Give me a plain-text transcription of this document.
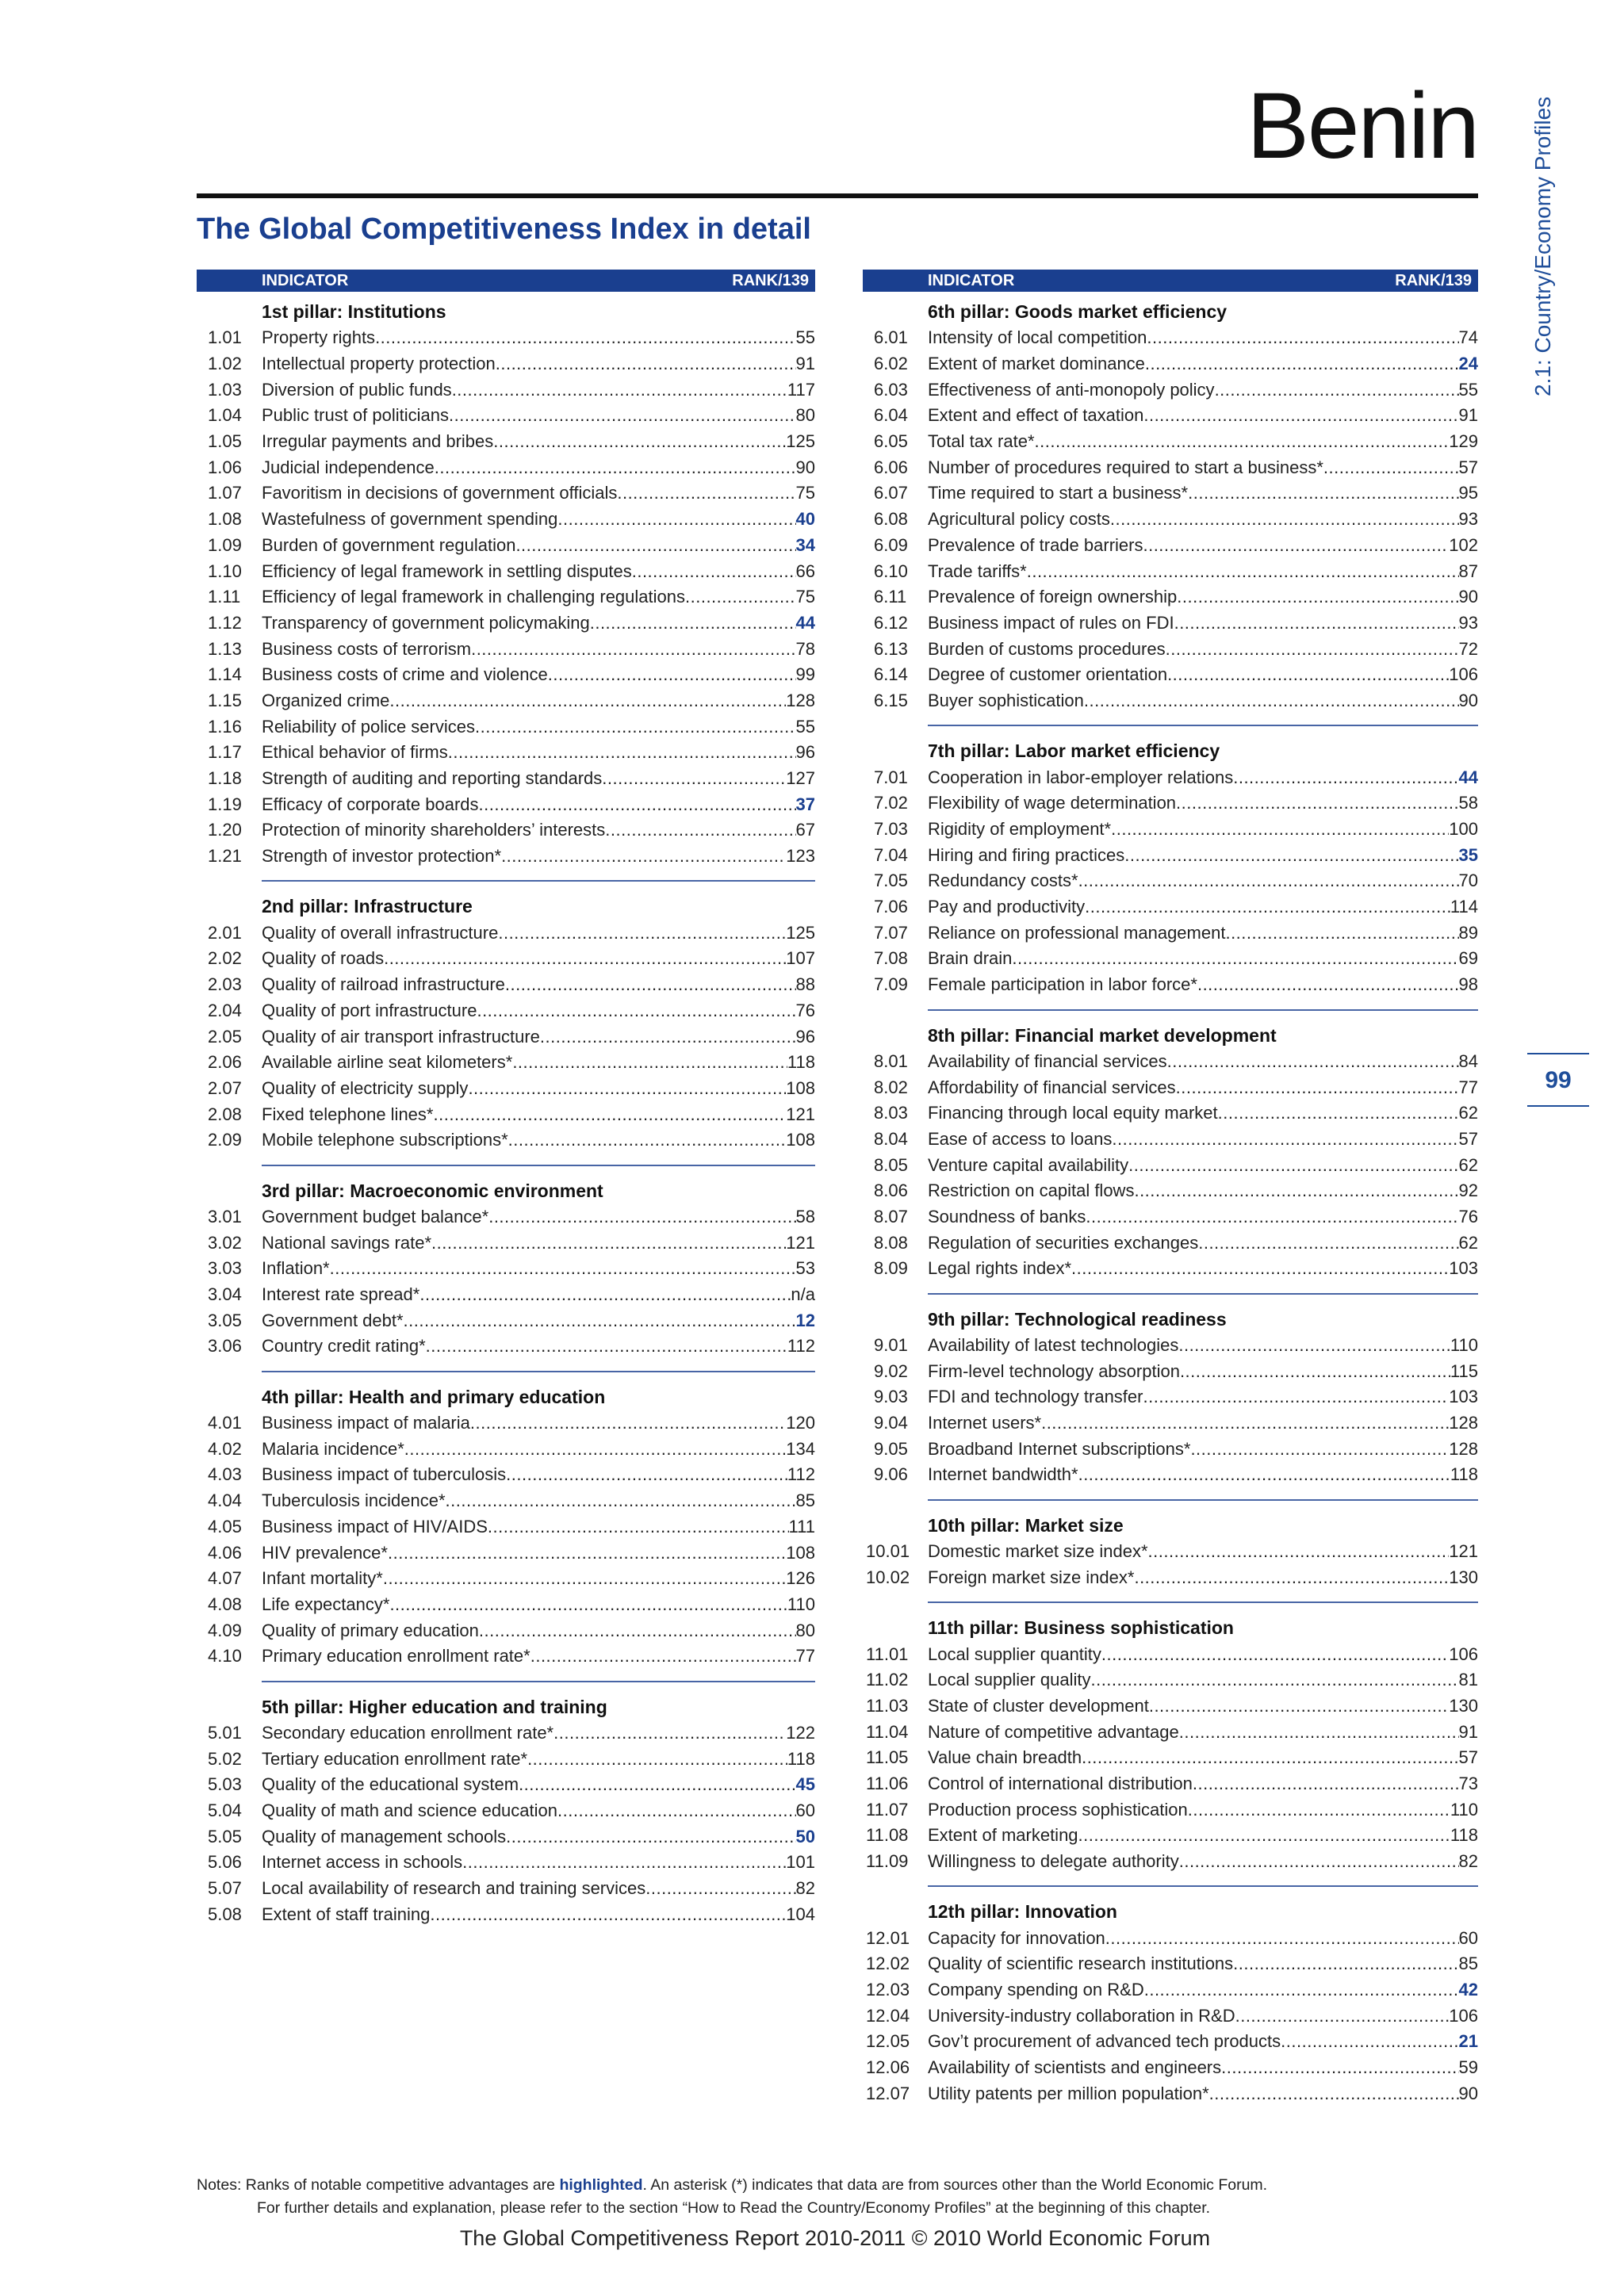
Benin 2.1: Country/Economy Profiles
99
The Global Competitiveness Index in detail
INDICATOR	RANK/139
1st pillar: Institutions
1.01	Property rights .....	55
1.02	Intellectual property protection .....	91
1.03	Diversion of public funds .....	117
1.04	Public trust of politicians .....	80
1.05	Irregular payments and bribes .....	125
1.06	Judicial independence .....	90
1.07	Favoritism in decisions of government officials .....	75
1.08	Wastefulness of government spending .....	40
1.09	Burden of government regulation .....	34
1.10	Efficiency of legal framework in settling disputes .....	66
1.11	Efficiency of legal framework in challenging regulations .....	75
1.12	Transparency of government policymaking .....	44
1.13	Business costs of terrorism .....	78
1.14	Business costs of crime and violence .....	99
1.15	Organized crime .....	128
1.16	Reliability of police services .....	55
1.17	Ethical behavior of firms .....	96
1.18	Strength of auditing and reporting standards .....	127
1.19	Efficacy of corporate boards .....	37
1.20	Protection of minority shareholders’ interests .....	67
1.21	Strength of investor protection* .....	123
2nd pillar: Infrastructure
2.01	Quality of overall infrastructure .....	125
2.02	Quality of roads .....	107
2.03	Quality of railroad infrastructure .....	88
2.04	Quality of port infrastructure .....	76
2.05	Quality of air transport infrastructure .....	96
2.06	Available airline seat kilometers* .....	118
2.07	Quality of electricity supply .....	108
2.08	Fixed telephone lines* .....	121
2.09	Mobile telephone subscriptions* .....	108
3rd pillar: Macroeconomic environment
3.01	Government budget balance* .....	58
3.02	National savings rate* .....	121
3.03	Inflation* .....	53
3.04	Interest rate spread* .....	n/a
3.05	Government debt* .....	12
3.06	Country credit rating* .....	112
4th pillar: Health and primary education
4.01	Business impact of malaria .....	120
4.02	Malaria incidence* .....	134
4.03	Business impact of tuberculosis .....	112
4.04	Tuberculosis incidence* .....	85
4.05	Business impact of HIV/AIDS .....	111
4.06	HIV prevalence* .....	108
4.07	Infant mortality* .....	126
4.08	Life expectancy* .....	110
4.09	Quality of primary education .....	80
4.10	Primary education enrollment rate* .....	77
5th pillar: Higher education and training
5.01	Secondary education enrollment rate* .....	122
5.02	Tertiary education enrollment rate* .....	118
5.03	Quality of the educational system .....	45
5.04	Quality of math and science education .....	60
5.05	Quality of management schools .....	50
5.06	Internet access in schools .....	101
5.07	Local availability of research and training services .....	82
5.08	Extent of staff training .....	104
INDICATOR	RANK/139
6th pillar: Goods market efficiency
6.01	Intensity of local competition .....	74
6.02	Extent of market dominance .....	24
6.03	Effectiveness of anti-monopoly policy .....	55
6.04	Extent and effect of taxation .....	91
6.05	Total tax rate* .....	129
6.06	Number of procedures required to start a business* .....	57
6.07	Time required to start a business* .....	95
6.08	Agricultural policy costs .....	93
6.09	Prevalence of trade barriers .....	102
6.10	Trade tariffs* .....	87
6.11	Prevalence of foreign ownership .....	90
6.12	Business impact of rules on FDI .....	93
6.13	Burden of customs procedures .....	72
6.14	Degree of customer orientation .....	106
6.15	Buyer sophistication .....	90
7th pillar: Labor market efficiency
7.01	Cooperation in labor-employer relations .....	44
7.02	Flexibility of wage determination .....	58
7.03	Rigidity of employment* .....	100
7.04	Hiring and firing practices .....	35
7.05	Redundancy costs* .....	70
7.06	Pay and productivity .....	114
7.07	Reliance on professional management .....	89
7.08	Brain drain .....	69
7.09	Female participation in labor force* .....	98
8th pillar: Financial market development
8.01	Availability of financial services .....	84
8.02	Affordability of financial services .....	77
8.03	Financing through local equity market .....	62
8.04	Ease of access to loans .....	57
8.05	Venture capital availability .....	62
8.06	Restriction on capital flows .....	92
8.07	Soundness of banks .....	76
8.08	Regulation of securities exchanges .....	62
8.09	Legal rights index* .....	103
9th pillar: Technological readiness
9.01	Availability of latest technologies .....	110
9.02	Firm-level technology absorption .....	115
9.03	FDI and technology transfer .....	103
9.04	Internet users* .....	128
9.05	Broadband Internet subscriptions* .....	128
9.06	Internet bandwidth* .....	118
10th pillar: Market size
10.01	Domestic market size index* .....	121
10.02	Foreign market size index* .....	130
11th pillar: Business sophistication
11.01	Local supplier quantity .....	106
11.02	Local supplier quality .....	81
11.03	State of cluster development .....	130
11.04	Nature of competitive advantage .....	91
11.05	Value chain breadth .....	57
11.06	Control of international distribution .....	73
11.07	Production process sophistication .....	110
11.08	Extent of marketing .....	118
11.09	Willingness to delegate authority .....	82
12th pillar: Innovation
12.01	Capacity for innovation .....	60
12.02	Quality of scientific research institutions .....	85
12.03	Company spending on R&D .....	42
12.04	University-industry collaboration in R&D .....	106
12.05	Gov’t procurement of advanced tech products .....	21
12.06	Availability of scientists and engineers .....	59
12.07	Utility patents per million population* .....	90
Notes: Ranks of notable competitive advantages are highlighted. An asterisk (*) indicates that data are from sources other than the World Economic Forum.
For further details and explanation, please refer to the section “How to Read the Country/Economy Profiles” at the beginning of this chapter.
The Global Competitiveness Report 2010-2011 © 2010 World Economic Forum
